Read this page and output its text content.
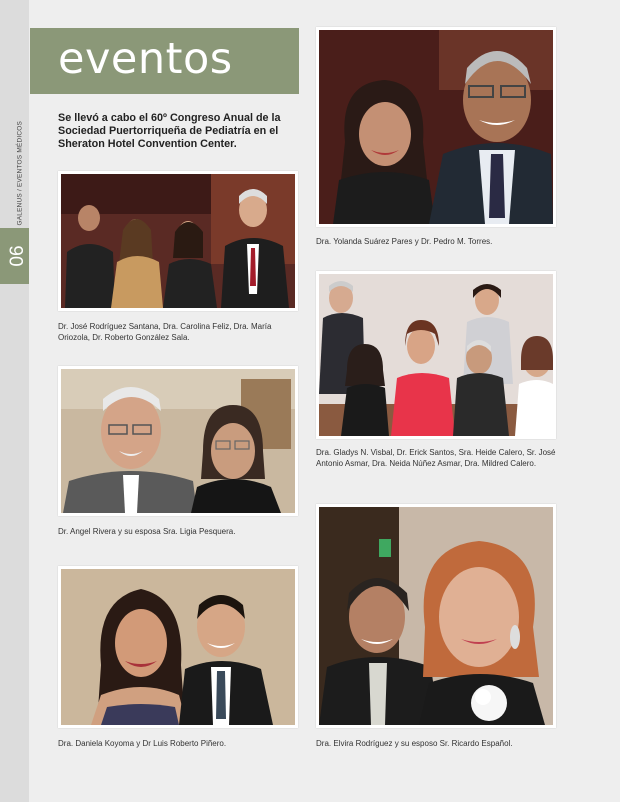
GALENUS / EVENTOS MÉDICOS
90
eventos
Se llevó a cabo el 60º Congreso Anual de la Sociedad Puertorriqueña de Pediatría en el Sheraton Hotel Convention Center.
Dr. José Rodríguez Santana, Dra. Carolina Feliz, Dra. María Oriozola, Dr. Roberto González Sala.
Dr. Angel Rivera y su esposa Sra. Ligia Pesquera.
Dra. Daniela Koyoma y Dr Luis Roberto Piñero.
Dra. Yolanda Suárez Pares y Dr. Pedro M. Torres.
Dra. Gladys N. Visbal, Dr. Erick Santos, Sra. Heide Calero, Sr. José Antonio Asmar, Dra. Neida Núñez Asmar, Dra. Mildred Calero.
Dra. Elvira Rodríguez y su esposo Sr. Ricardo Español.
